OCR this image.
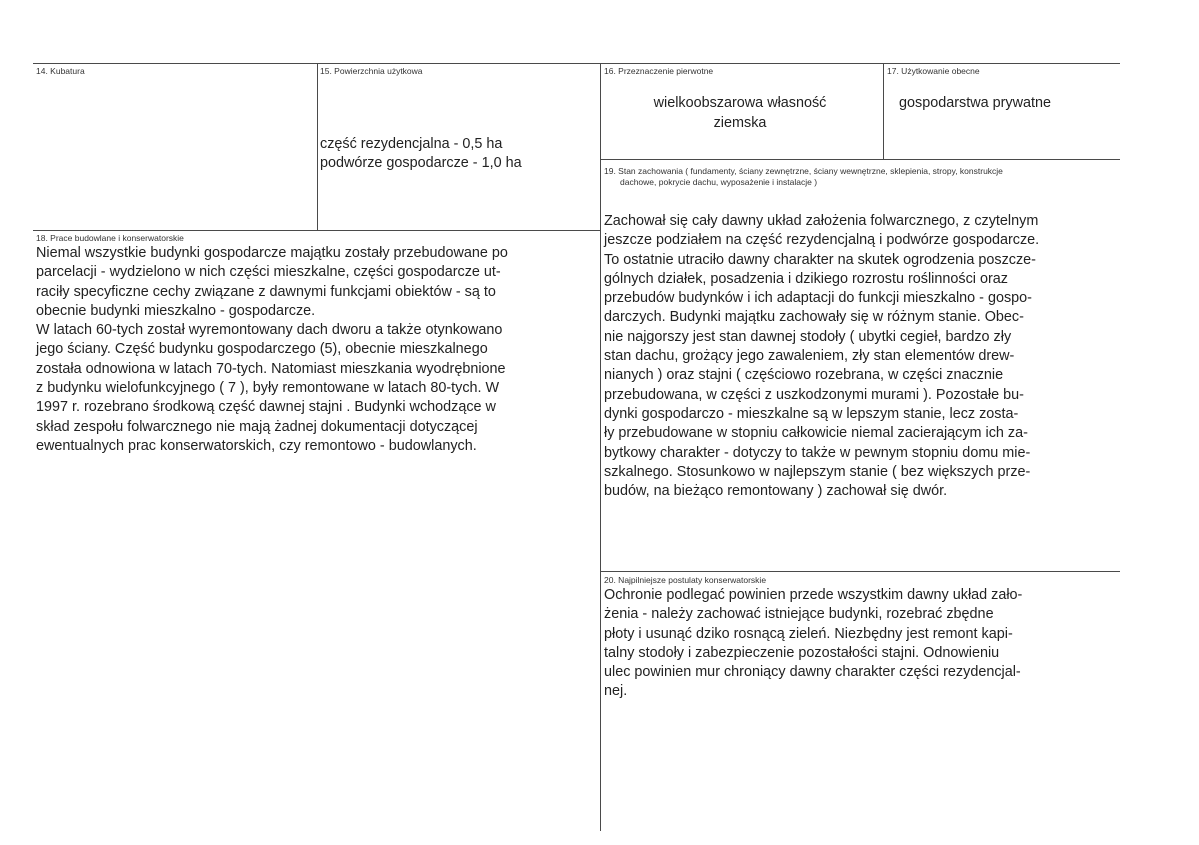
14. Kubatura	15. Powierzchnia użytkowa
część rezydencjalna - 0,5 ha
podwórze gospodarcze - 1,0 ha
16. Przeznaczenie pierwotne
wielkoobszarowa własność
ziemska
17. Użytkowanie obecne
gospodarstwa prywatne
18. Prace budowlane i konserwatorskie
Niemal wszystkie budynki gospodarcze majątku zostały przebudowane po
parcelacji - wydzielono w nich części mieszkalne, części gospodarcze ut-
raciły specyficzne cechy związane z dawnymi funkcjami obiektów - są to
obecnie budynki mieszkalno - gospodarcze.
W latach 60-tych został wyremontowany dach dworu a także otynkowano
jego ściany. Część budynku gospodarczego (5), obecnie mieszkalnego
została odnowiona w latach 70-tych. Natomiast mieszkania wyodrębnione
z budynku wielofunkcyjnego ( 7 ), były remontowane w latach 80-tych. W
1997 r. rozebrano środkową część dawnej stajni . Budynki wchodzące w
skład zespołu folwarcznego nie mają żadnej dokumentacji dotyczącej
ewentualnych prac konserwatorskich, czy remontowo - budowlanych.
19. Stan zachowania ( fundamenty, ściany zewnętrzne, ściany wewnętrzne, sklepienia, stropy, konstrukcje
dachowe, pokrycie dachu, wyposażenie i instalacje )
Zachował się cały dawny układ założenia folwarcznego, z czytelnym
jeszcze podziałem na część rezydencjalną i podwórze gospodarcze.
To ostatnie utraciło dawny charakter na skutek ogrodzenia poszcze-
gólnych działek, posadzenia i dzikiego rozrostu roślinności oraz
przebudów budynków i ich adaptacji do funkcji mieszkalno - gospo-
darczych. Budynki majątku zachowały się w różnym stanie. Obec-
nie najgorszy jest stan dawnej stodoły ( ubytki cegieł, bardzo zły
stan dachu, grożący jego zawaleniem, zły stan elementów drew-
nianych ) oraz stajni ( częściowo rozebrana, w części znacznie
przebudowana, w części z uszkodzonymi murami ). Pozostałe bu-
dynki gospodarczo - mieszkalne są w lepszym stanie, lecz zosta-
ły przebudowane w stopniu całkowicie niemal zacierającym ich za-
bytkowy charakter - dotyczy to także w pewnym stopniu domu mie-
szkalnego. Stosunkowo w najlepszym stanie ( bez większych prze-
budów, na bieżąco remontowany ) zachował się dwór.
20. Najpilniejsze postulaty konserwatorskie
Ochronie podlegać powinien przede wszystkim dawny układ zało-
żenia - należy zachować istniejące budynki, rozebrać zbędne
płoty i usunąć dziko rosnącą zieleń. Niezbędny jest remont kapi-
talny stodoły i zabezpieczenie pozostałości stajni. Odnowieniu
ulec powinien mur chroniący dawny charakter części rezydencjal-
nej.
